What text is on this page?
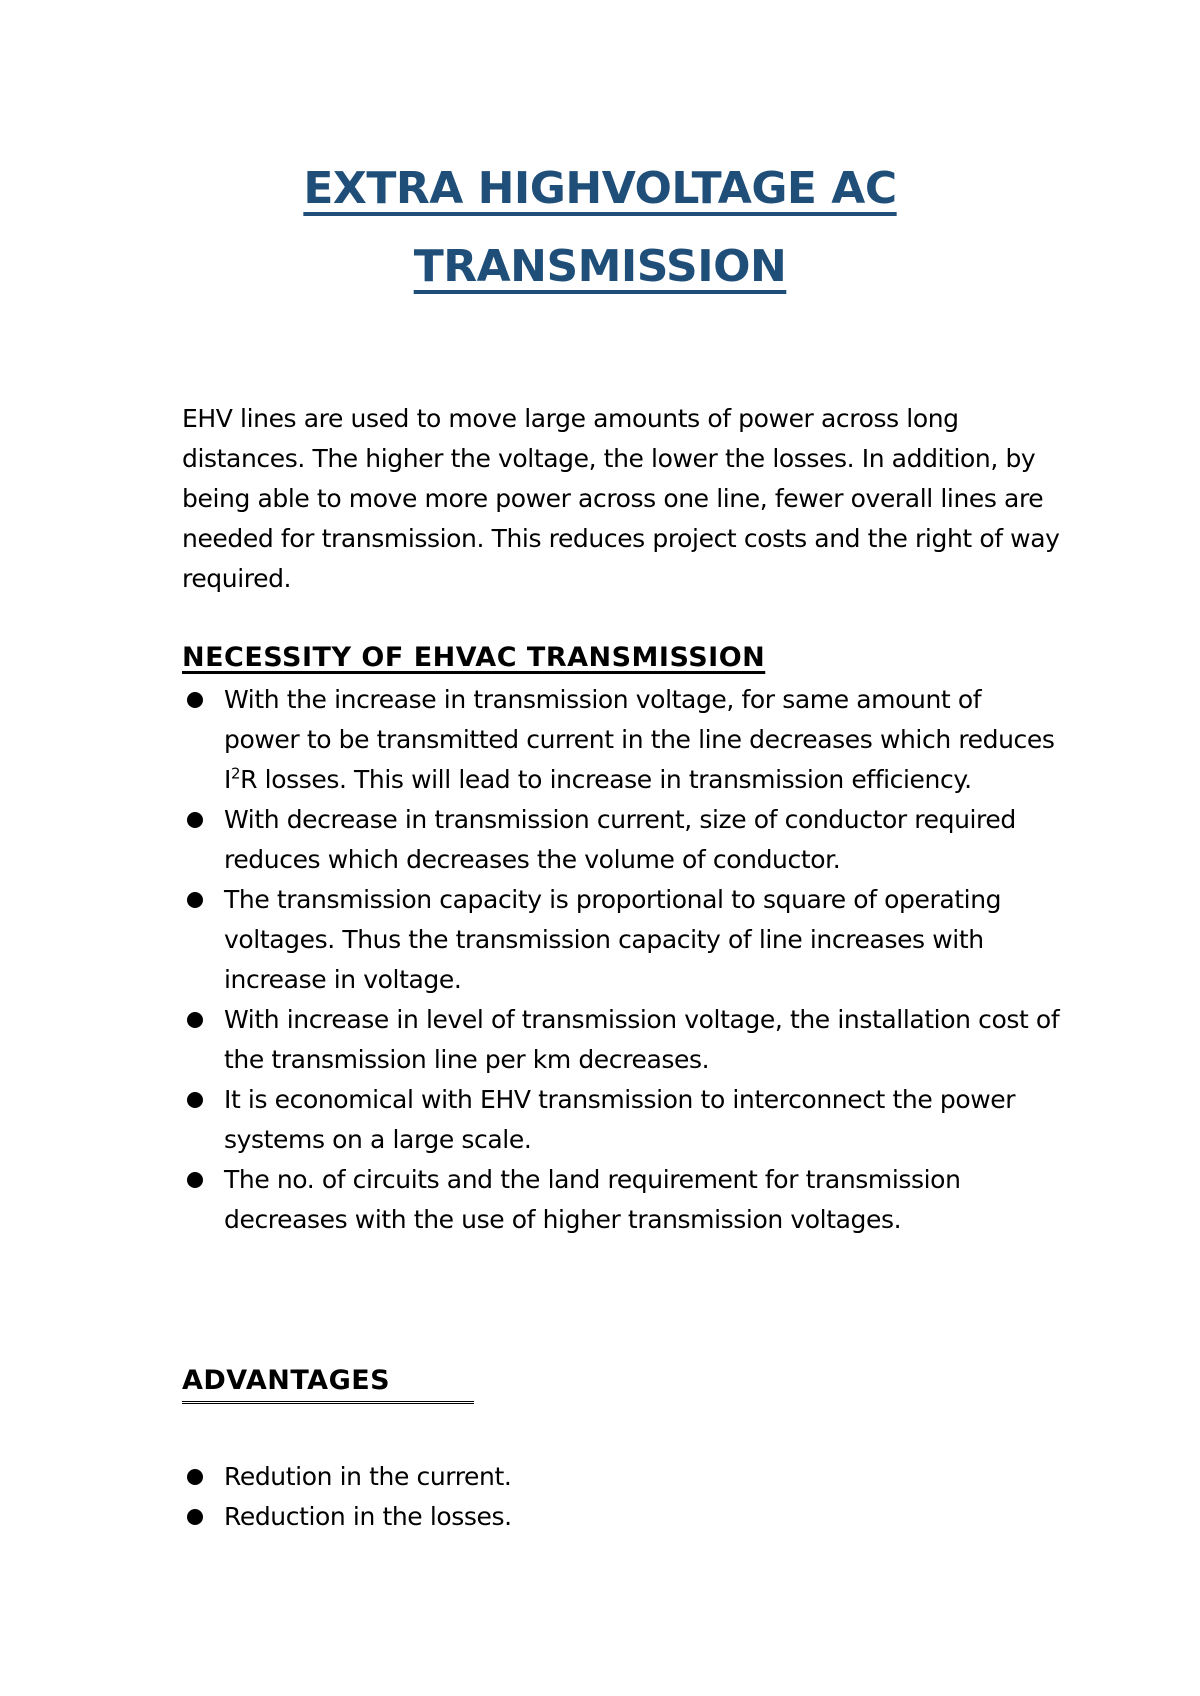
EXTRA HIGHVOLTAGE AC
TRANSMISSION

EHV lines are used to move large amounts of power across long distances. The higher the voltage, the lower the losses. In addition, by being able to move more power across one line, fewer overall lines are needed for transmission. This reduces project costs and the right of way required.

NECESSITY OF EHVAC TRANSMISSION
With the increase in transmission voltage, for same amount of power to be transmitted current in the line decreases which reduces $I^2R$ losses. This will lead to increase in transmission efficiency.
With decrease in transmission current, size of conductor required reduces which decreases the volume of conductor.
The transmission capacity is proportional to square of operating voltages. Thus the transmission capacity of line increases with increase in voltage.
With increase in level of transmission voltage, the installation cost of the transmission line per km decreases.
It is economical with EHV transmission to interconnect the power systems on a large scale.
The no. of circuits and the land requirement for transmission decreases with the use of higher transmission voltages.
ADVANTAGES
Redution in the current.
Reduction in the losses.
